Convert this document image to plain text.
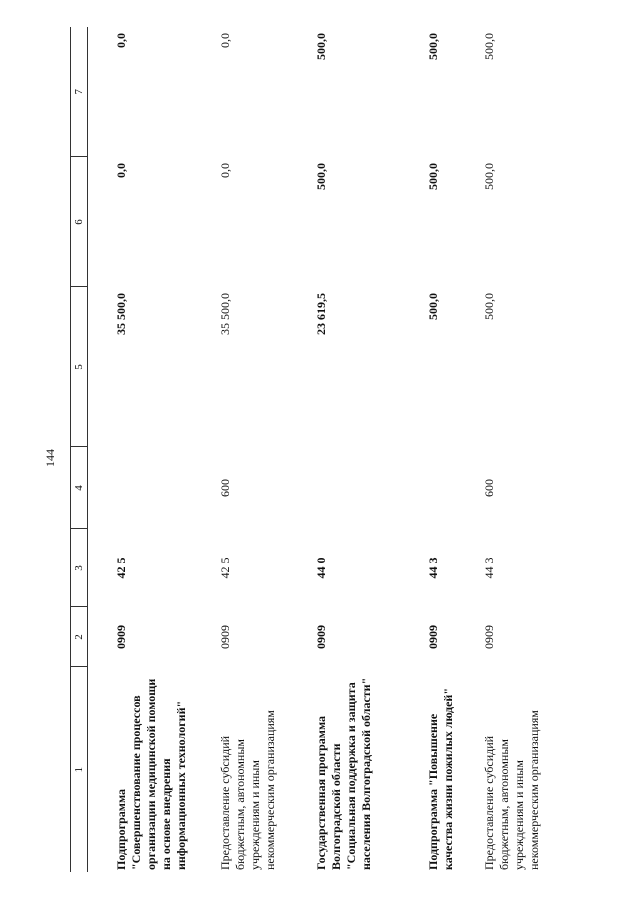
144
1	2	3	4	5	6	7
Подпрограмма "Совершенствование процессов организации медицинской помощи на основе внедрения информационных технологий"	0909	42 5		35 500,0	0,0	0,0
Предоставление субсидий бюджетным, автономным учреждениям и иным некоммерческим организациям	0909	42 5	600	35 500,0	0,0	0,0
Государственная программа Волгоградской области "Социальная поддержка и защита населения Волгоградской области"	0909	44 0		23 619,5	500,0	500,0
Подпрограмма "Повышение качества жизни пожилых людей"	0909	44 3		500,0	500,0	500,0
Предоставление субсидий бюджетным, автономным учреждениям и иным некоммерческим организациям	0909	44 3	600	500,0	500,0	500,0
